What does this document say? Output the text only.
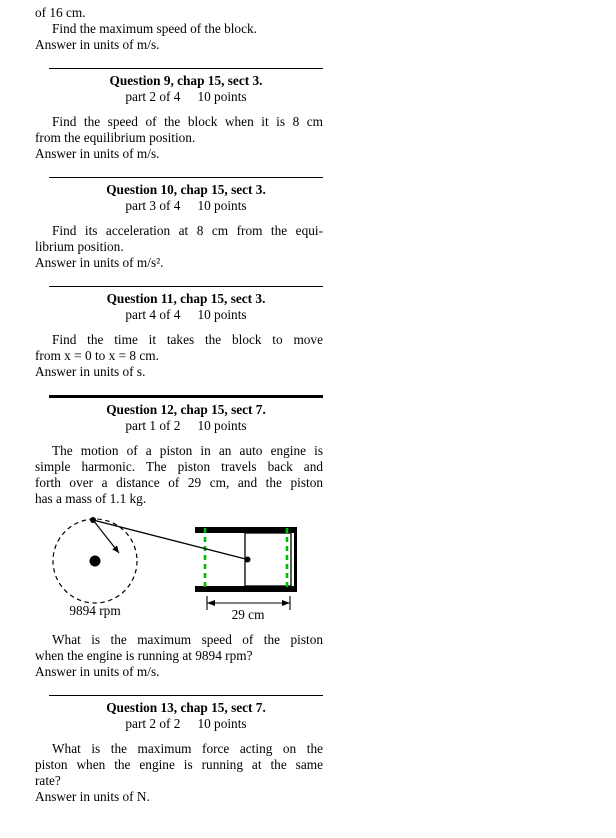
of 16 cm.
Find the maximum speed of the block.
Answer in units of m/s.
Question 9, chap 15, sect 3.
part 2 of 4 10 points
Find the speed of the block when it is 8 cm
from the equilibrium position.
Answer in units of m/s.
Question 10, chap 15, sect 3.
part 3 of 4 10 points
Find its acceleration at 8 cm from the equi-
librium position.
Answer in units of m/s².
Question 11, chap 15, sect 3.
part 4 of 4 10 points
Find the time it takes the block to move
from x = 0 to x = 8 cm.
Answer in units of s.
Question 12, chap 15, sect 7.
part 1 of 2 10 points
The motion of a piston in an auto engine is
simple harmonic. The piston travels back and
forth over a distance of 29 cm, and the piston
has a mass of 1.1 kg.
9894 rpm	29 cm
What is the maximum speed of the piston
when the engine is running at 9894 rpm?
Answer in units of m/s.
Question 13, chap 15, sect 7.
part 2 of 2 10 points
What is the maximum force acting on the
piston when the engine is running at the same
rate?
Answer in units of N.
